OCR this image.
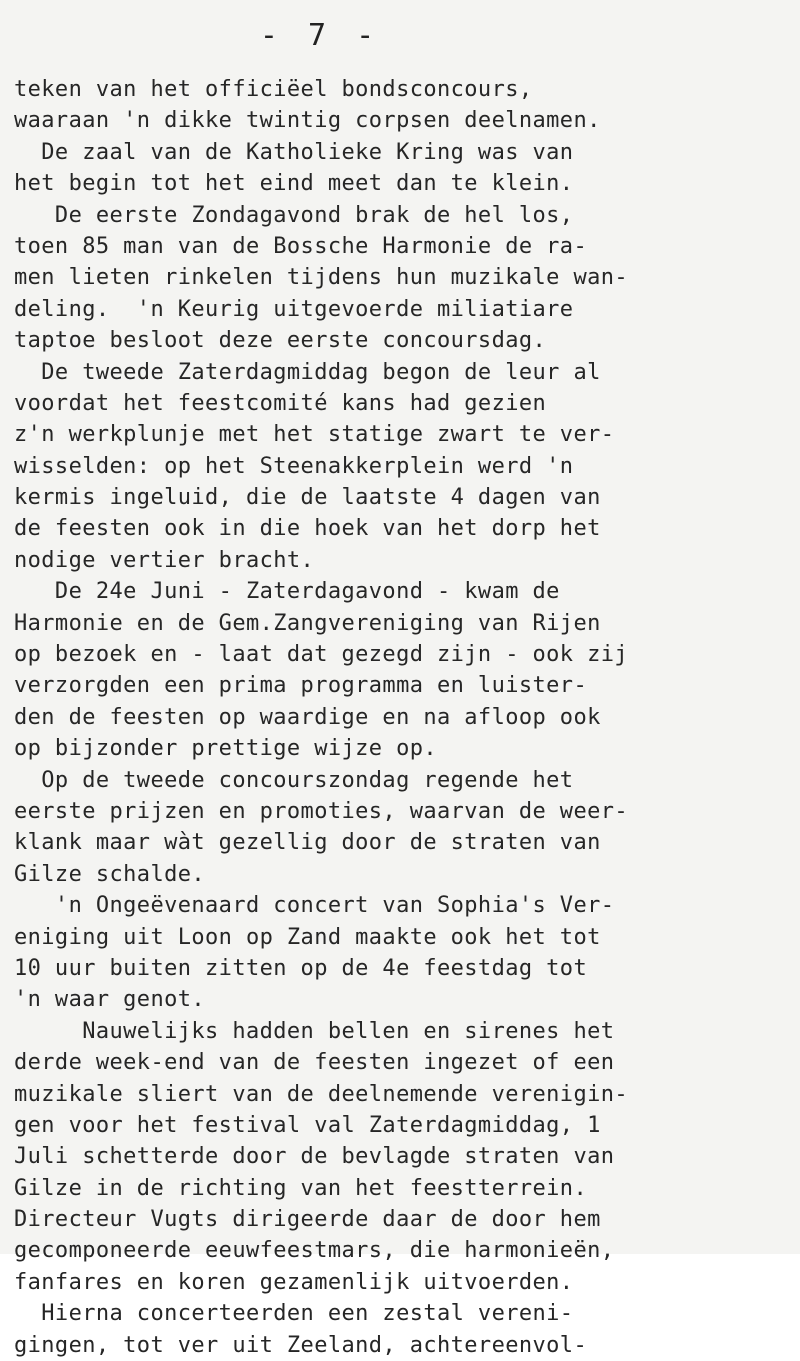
- 7 -
teken van het officiëel bondsconcours,
waaraan 'n dikke twintig corpsen deelnamen.
De zaal van de Katholieke Kring was van
het begin tot het eind meet dan te klein.
De eerste Zondagavond brak de hel los,
toen 85 man van de Bossche Harmonie de ra-
men lieten rinkelen tijdens hun muzikale wan-
deling.  'n Keurig uitgevoerde miliatiare
taptoe besloot deze eerste concoursdag.
De tweede Zaterdagmiddag begon de leur al
voordat het feestcomité kans had gezien
z'n werkplunje met het statige zwart te ver-
wisselden: op het Steenakkerplein werd 'n
kermis ingeluid, die de laatste 4 dagen van
de feesten ook in die hoek van het dorp het
nodige vertier bracht.
De 24e Juni - Zaterdagavond - kwam de
Harmonie en de Gem.Zangvereniging van Rijen
op bezoek en - laat dat gezegd zijn - ook zij
verzorgden een prima programma en luister-
den de feesten op waardige en na afloop ook
op bijzonder prettige wijze op.
Op de tweede concourszondag regende het
eerste prijzen en promoties, waarvan de weer-
klank maar wàt gezellig door de straten van
Gilze schalde.
'n Ongeëvenaard concert van Sophia's Ver-
eniging uit Loon op Zand maakte ook het tot
10 uur buiten zitten op de 4e feestdag tot
'n waar genot.
Nauwelijks hadden bellen en sirenes het
derde week-end van de feesten ingezet of een
muzikale sliert van de deelnemende verenigin-
gen voor het festival val Zaterdagmiddag, 1
Juli schetterde door de bevlagde straten van
Gilze in de richting van het feestterrein.
Directeur Vugts dirigeerde daar de door hem
gecomponeerde eeuwfeestmars, die harmonieën,
fanfares en koren gezamenlijk uitvoerden.
Hierna concerteerden een zestal vereni-
gingen, tot ver uit Zeeland, achtereenvol-
